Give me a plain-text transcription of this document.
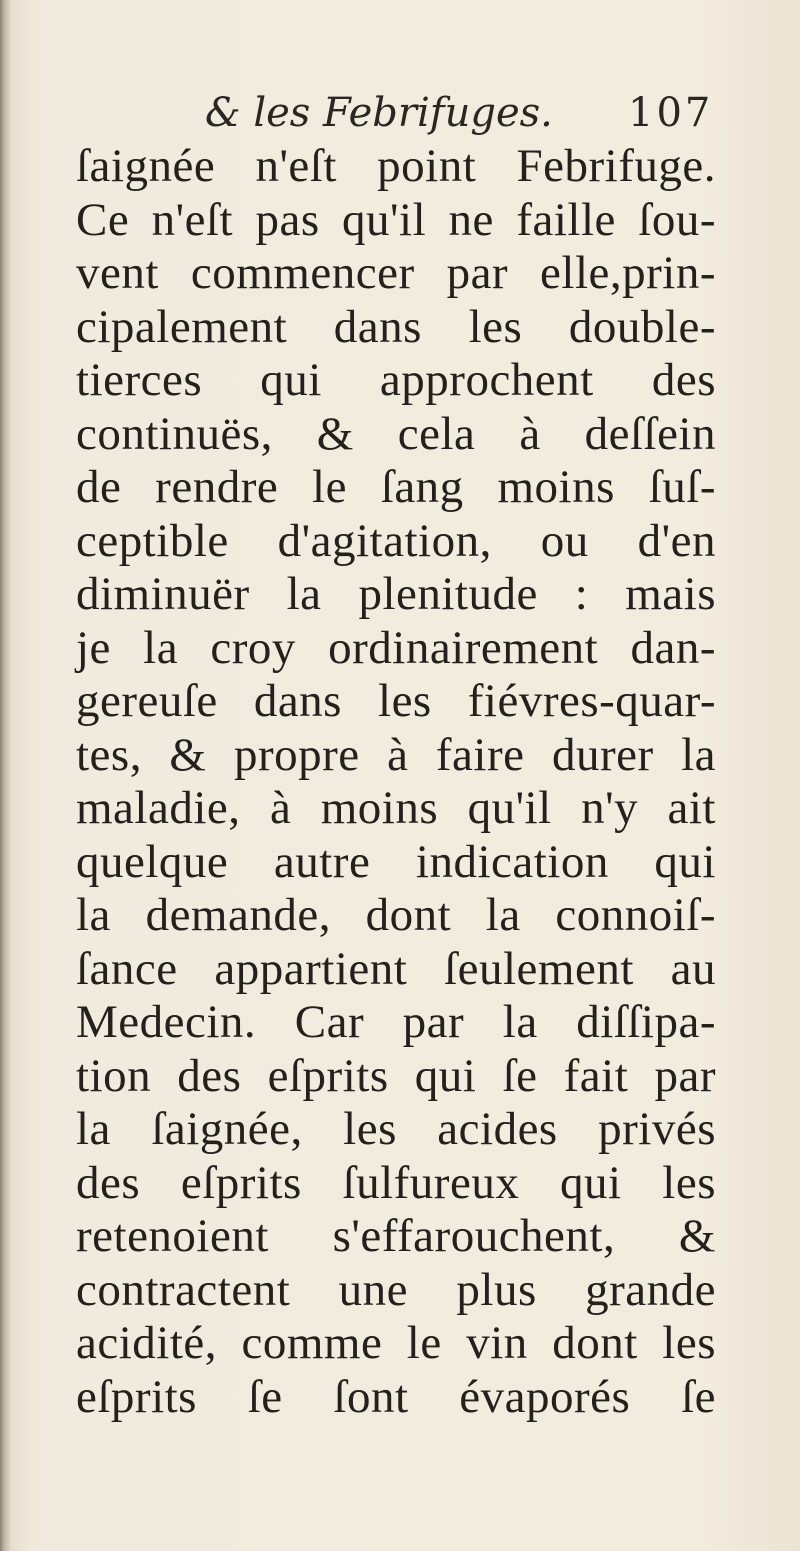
& les Febrifuges. 107
ſaignée n'eſt point Febrifuge.
Ce n'eſt pas qu'il ne faille ſou-
vent commencer par elle,prin-
cipalement dans les double-
tierces qui approchent des
continuës, & cela à deſſein
de rendre le ſang moins ſuſ-
ceptible d'agitation, ou d'en
diminuër la plenitude : mais
je la croy ordinairement dan-
gereuſe dans les fiévres-quar-
tes, & propre à faire durer la
maladie, à moins qu'il n'y ait
quelque autre indication qui
la demande, dont la connoiſ-
ſance appartient ſeulement au
Medecin. Car par la diſſipa-
tion des eſprits qui ſe fait par
la ſaignée, les acides privés
des eſprits ſulfureux qui les
retenoient s'effarouchent, &
contractent une plus grande
acidité, comme le vin dont les
eſprits ſe ſont évaporés ſe
